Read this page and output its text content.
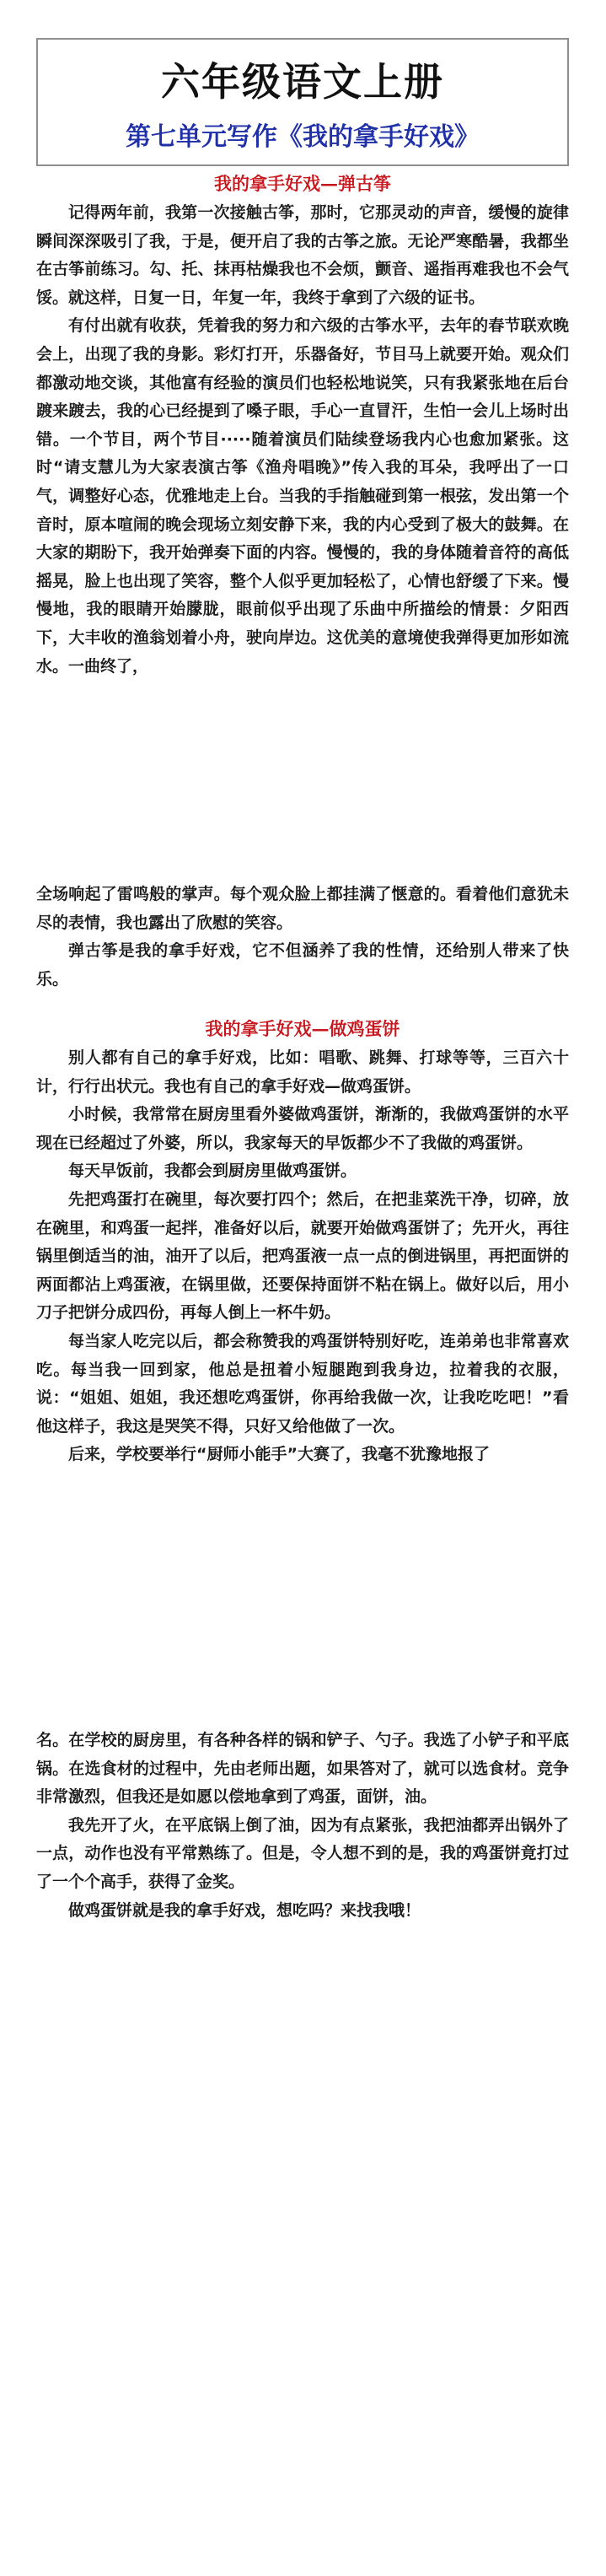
六年级语文上册
第七单元写作《我的拿手好戏》
我的拿手好戏—弹古筝

记得两年前，我第一次接触古筝，那时，它那灵动的声音，缓慢的旋律瞬间深深吸引了我，于是，便开启了我的古筝之旅。无论严寒酷暑，我都坐在古筝前练习。勾、托、抹再枯燥我也不会烦，颤音、遥指再难我也不会气馁。就这样，日复一日，年复一年，我终于拿到了六级的证书。

有付出就有收获，凭着我的努力和六级的古筝水平，去年的春节联欢晚会上，出现了我的身影。彩灯打开，乐器备好，节目马上就要开始。观众们都激动地交谈，其他富有经验的演员们也轻松地说笑，只有我紧张地在后台踱来踱去，我的心已经提到了嗓子眼，手心一直冒汗，生怕一会儿上场时出错。一个节目，两个节目·····随着演员们陆续登场我内心也愈加紧张。这时“请支慧儿为大家表演古筝《渔舟唱晚》”传入我的耳朵，我呼出了一口气，调整好心态，优雅地走上台。当我的手指触碰到第一根弦，发出第一个音时，原本喧闹的晚会现场立刻安静下来，我的内心受到了极大的鼓舞。在大家的期盼下，我开始弹奏下面的内容。慢慢的，我的身体随着音符的高低摇晃，脸上也出现了笑容，整个人似乎更加轻松了，心情也舒缓了下来。慢慢地，我的眼睛开始朦胧，眼前似乎出现了乐曲中所描绘的情景：夕阳西下，大丰收的渔翁划着小舟，驶向岸边。这优美的意境使我弹得更加形如流水。一曲终了，

全场响起了雷鸣般的掌声。每个观众脸上都挂满了惬意的。看着他们意犹未尽的表情，我也露出了欣慰的笑容。

弹古筝是我的拿手好戏，它不但涵养了我的性情，还给别人带来了快乐。

我的拿手好戏—做鸡蛋饼

别人都有自己的拿手好戏，比如：唱歌、跳舞、打球等等，三百六十计，行行出状元。我也有自己的拿手好戏—做鸡蛋饼。

小时候，我常常在厨房里看外婆做鸡蛋饼，渐渐的，我做鸡蛋饼的水平现在已经超过了外婆，所以，我家每天的早饭都少不了我做的鸡蛋饼。

每天早饭前，我都会到厨房里做鸡蛋饼。

先把鸡蛋打在碗里，每次要打四个；然后，在把韭菜洗干净，切碎，放在碗里，和鸡蛋一起拌，准备好以后，就要开始做鸡蛋饼了；先开火，再往锅里倒适当的油，油开了以后，把鸡蛋液一点一点的倒进锅里，再把面饼的两面都沾上鸡蛋液，在锅里做，还要保持面饼不粘在锅上。做好以后，用小刀子把饼分成四份，再每人倒上一杯牛奶。

每当家人吃完以后，都会称赞我的鸡蛋饼特别好吃，连弟弟也非常喜欢吃。每当我一回到家，他总是扭着小短腿跑到我身边，拉着我的衣服，说：“姐姐、姐姐，我还想吃鸡蛋饼，你再给我做一次，让我吃吃吧！”看他这样子，我这是哭笑不得，只好又给他做了一次。

后来，学校要举行“厨师小能手”大赛了，我毫不犹豫地报了

名。在学校的厨房里，有各种各样的锅和铲子、勺子。我选了小铲子和平底锅。在选食材的过程中，先由老师出题，如果答对了，就可以选食材。竞争非常激烈，但我还是如愿以偿地拿到了鸡蛋，面饼，油。

我先开了火，在平底锅上倒了油，因为有点紧张，我把油都弄出锅外了一点，动作也没有平常熟练了。但是，令人想不到的是，我的鸡蛋饼竟打过了一个个高手，获得了金奖。

做鸡蛋饼就是我的拿手好戏，想吃吗？来找我哦！
